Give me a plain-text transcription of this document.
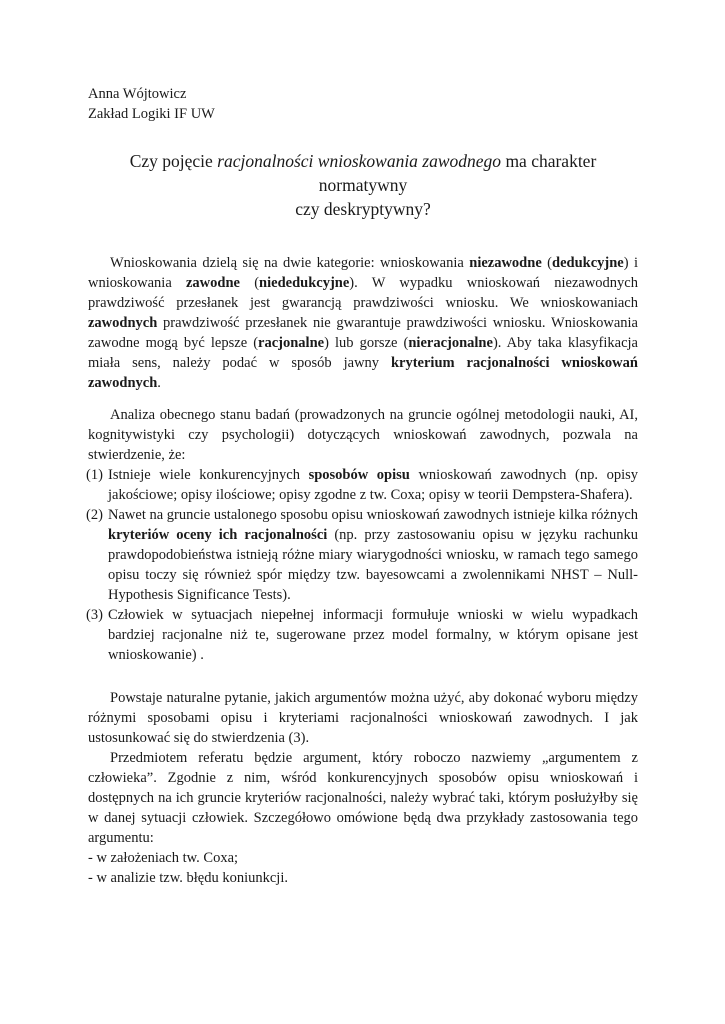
Anna Wójtowicz
Zakład Logiki IF UW
Czy pojęcie racjonalności wnioskowania zawodnego ma charakter normatywny
czy deskryptywny?

Wnioskowania dzielą się na dwie kategorie: wnioskowania niezawodne (dedukcyjne) i wnioskowania zawodne (niededukcyjne). W wypadku wnioskowań niezawodnych prawdziwość przesłanek jest gwarancją prawdziwości wniosku. We wnioskowaniach zawodnych prawdziwość przesłanek nie gwarantuje prawdziwości wniosku. Wnioskowania zawodne mogą być lepsze (racjonalne) lub gorsze (nieracjonalne). Aby taka klasyfikacja miała sens, należy podać w sposób jawny kryterium racjonalności wnioskowań zawodnych.

Analiza obecnego stanu badań (prowadzonych na gruncie ogólnej metodologii nauki, AI, kognitywistyki czy psychologii) dotyczących wnioskowań zawodnych, pozwala na stwierdzenie, że:

(1) Istnieje wiele konkurencyjnych sposobów opisu wnioskowań zawodnych (np. opisy jakościowe; opisy ilościowe; opisy zgodne z tw. Coxa; opisy w teorii Dempstera-Shafera).
(2) Nawet na gruncie ustalonego sposobu opisu wnioskowań zawodnych istnieje kilka różnych kryteriów oceny ich racjonalności (np. przy zastosowaniu opisu w języku rachunku prawdopodobieństwa istnieją różne miary wiarygodności wniosku, w ramach tego samego opisu toczy się również spór między tzw. bayesowcami a zwolennikami NHST – Null-Hypothesis Significance Tests).
(3) Człowiek w sytuacjach niepełnej informacji formułuje wnioski w wielu wypadkach bardziej racjonalne niż te, sugerowane przez model formalny, w którym opisane jest wnioskowanie) .

Powstaje naturalne pytanie, jakich argumentów można użyć, aby dokonać wyboru między różnymi sposobami opisu i kryteriami racjonalności wnioskowań zawodnych. I jak ustosunkować się do stwierdzenia (3).

Przedmiotem referatu będzie argument, który roboczo nazwiemy „argumentem z człowieka”. Zgodnie z nim, wśród konkurencyjnych sposobów opisu wnioskowań i dostępnych na ich gruncie kryteriów racjonalności, należy wybrać taki, którym posłużyłby się w danej sytuacji człowiek. Szczegółowo omówione będą dwa przykłady zastosowania tego argumentu:

- w założeniach tw. Coxa;
- w analizie tzw. błędu koniunkcji.
